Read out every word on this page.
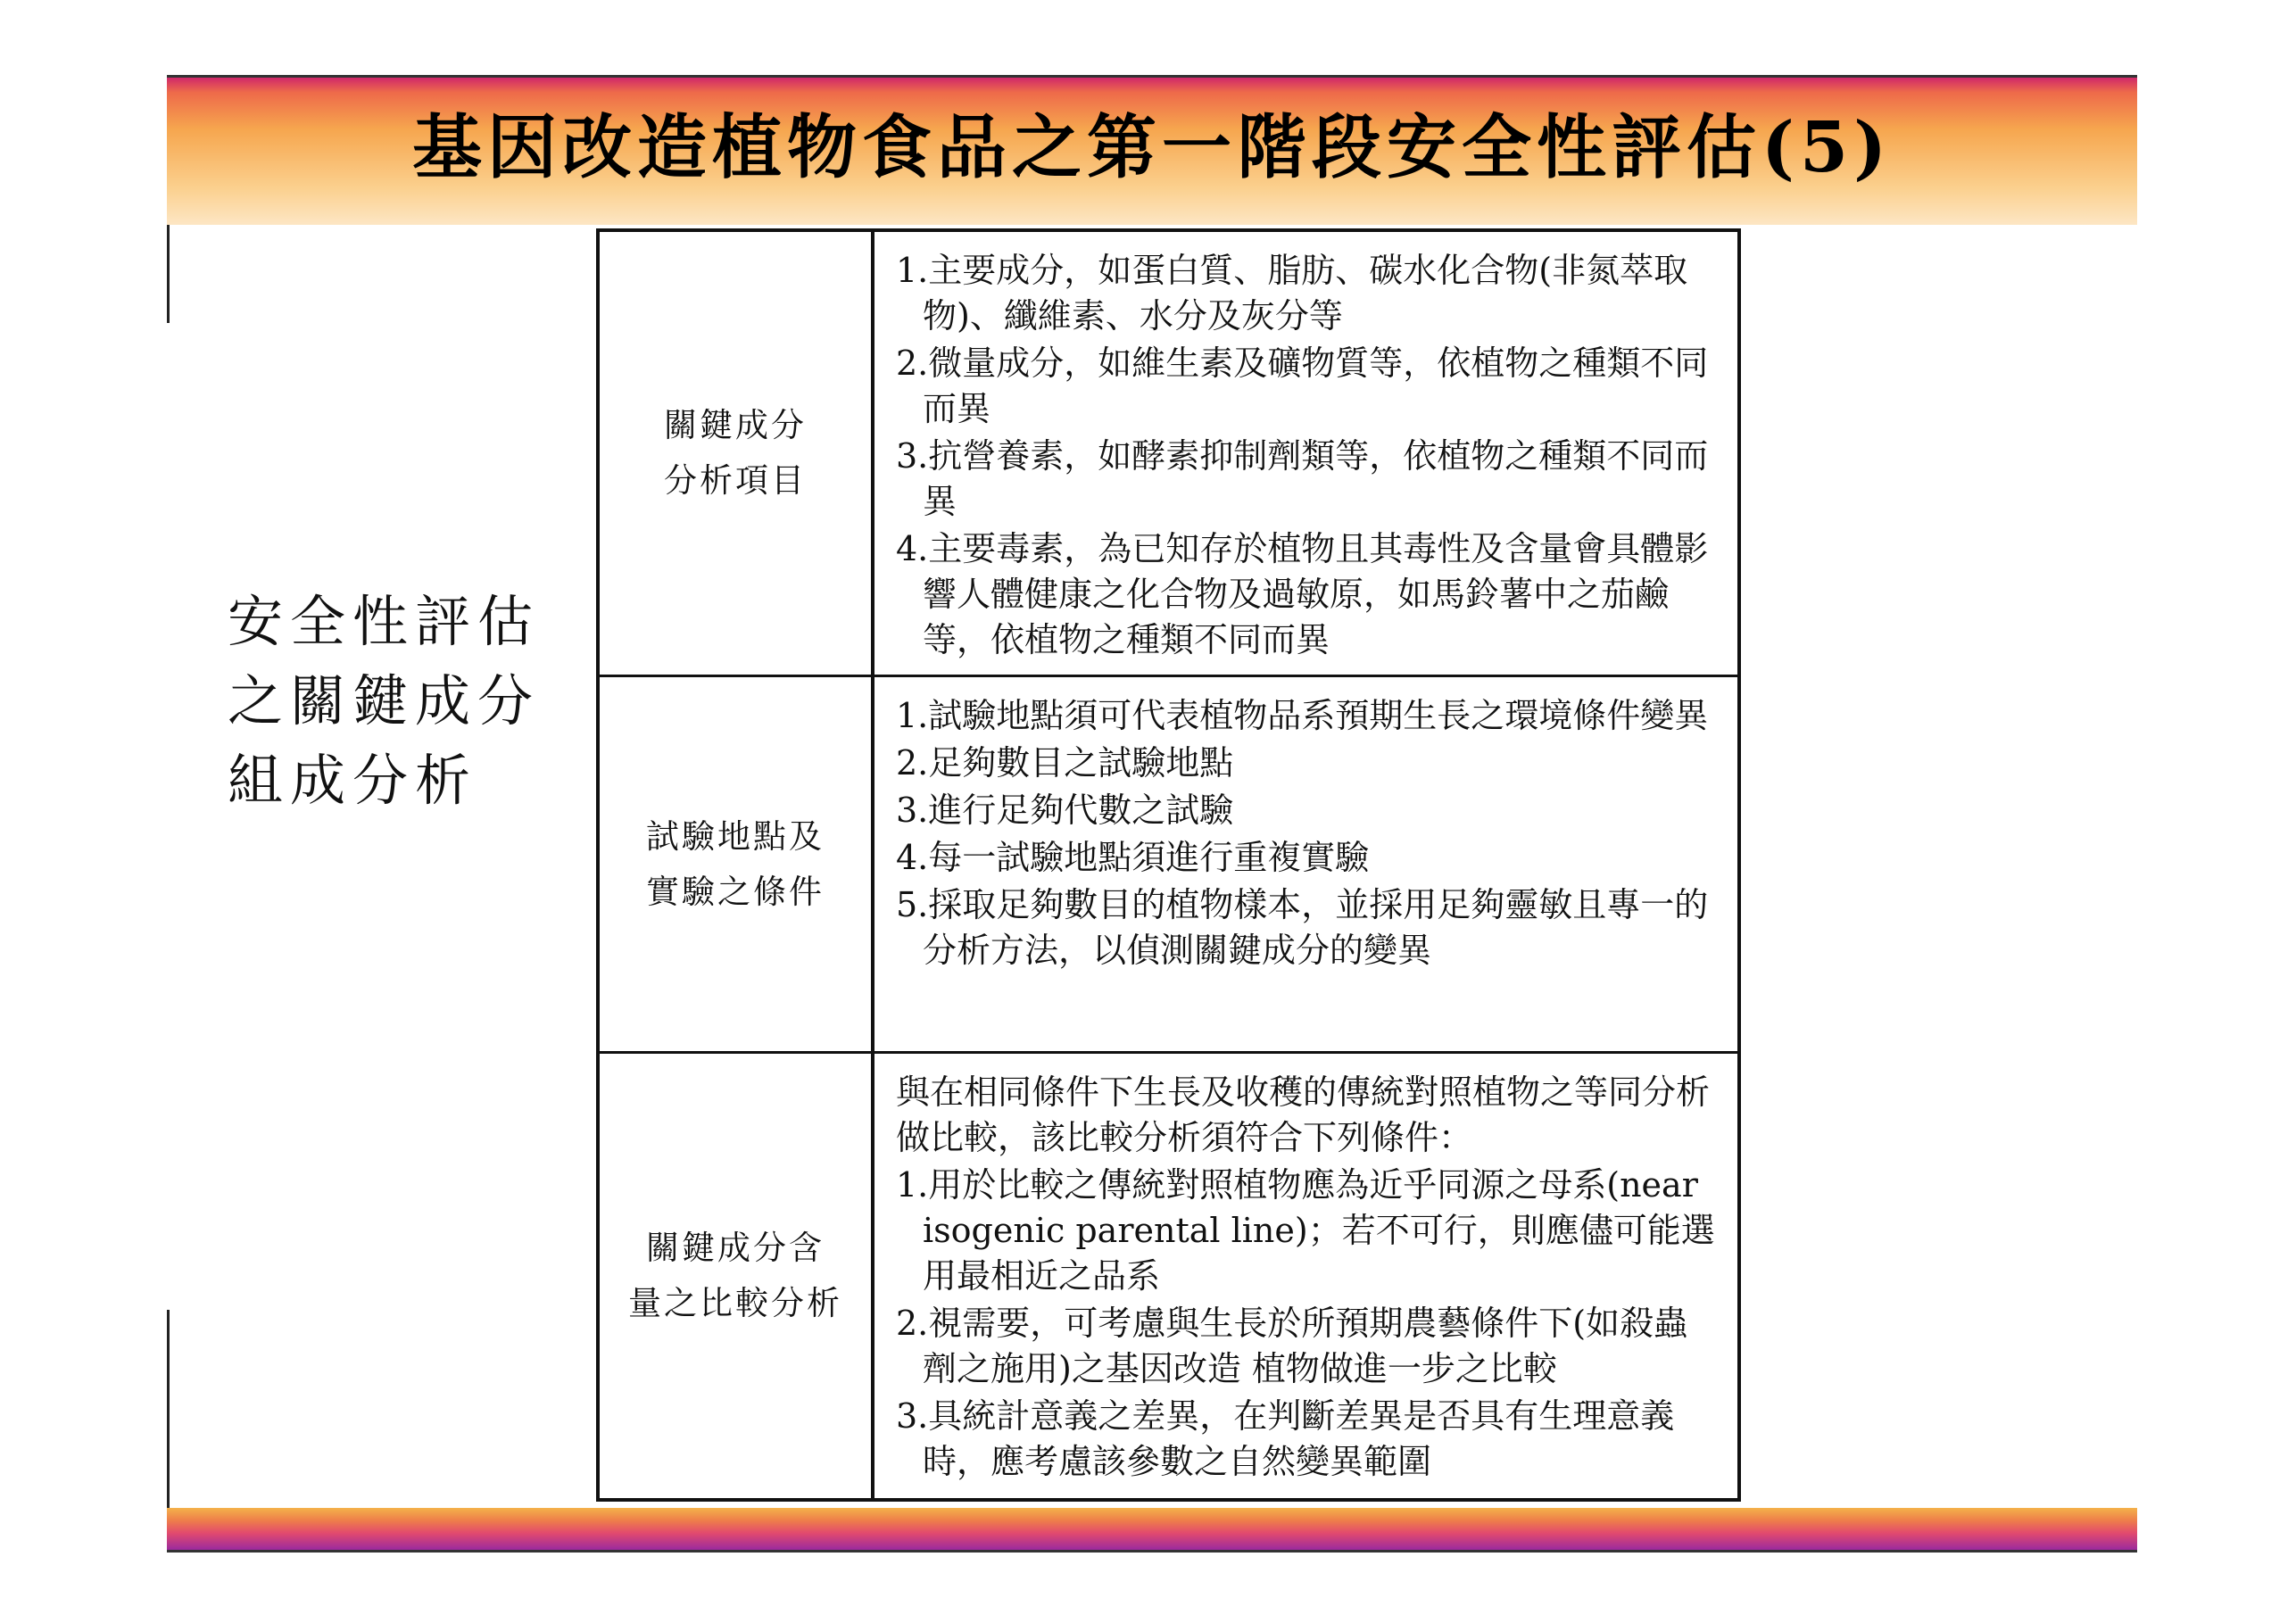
基因改造植物食品之第一階段安全性評估(5)
安全性評估
之關鍵成分
組成分析
關鍵成分
分析項目
1.主要成分，如蛋白質、脂肪、碳水化合物(非氮萃取 物)、纖維素、水分及灰分等
2.微量成分，如維生素及礦物質等，依植物之種類不同而異
3.抗營養素，如酵素抑制劑類等，依植物之種類不同而異
4.主要毒素，為已知存於植物且其毒性及含量會具體影響人體健康之化合物及過敏原，如馬鈴薯中之茄鹼等，依植物之種類不同而異
試驗地點及
實驗之條件
1.試驗地點須可代表植物品系預期生長之環境條件變異
2.足夠數目之試驗地點
3.進行足夠代數之試驗
4.每一試驗地點須進行重複實驗
5.採取足夠數目的植物樣本，並採用足夠靈敏且專一的分析方法，以偵測關鍵成分的變異
關鍵成分含
量之比較分析
與在相同條件下生長及收穫的傳統對照植物之等同分析做比較，該比較分析須符合下列條件：
1.用於比較之傳統對照植物應為近乎同源之母系(near isogenic parental line)；若不可行，則應儘可能選用最相近之品系
2.視需要，可考慮與生長於所預期農藝條件下(如殺蟲劑之施用)之基因改造 植物做進一步之比較
3.具統計意義之差異，在判斷差異是否具有生理意義時，應考慮該參數之自然變異範圍
